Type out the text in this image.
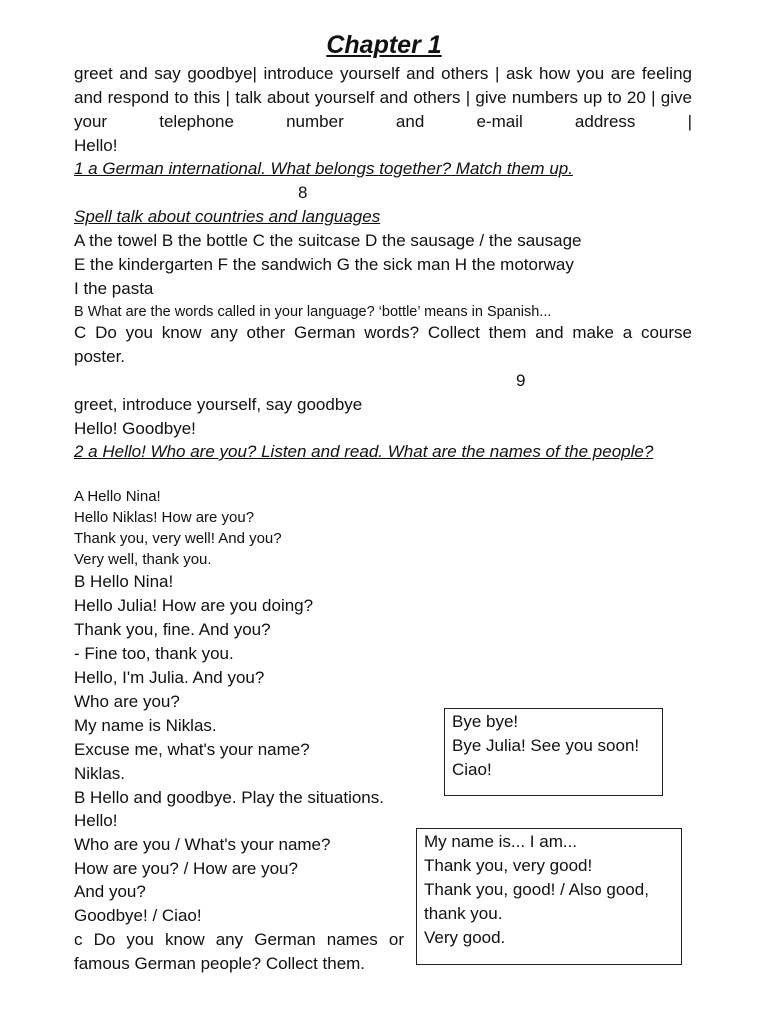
Chapter 1

greet and say goodbye| introduce yourself and others | ask how you are feeling and respond to this | talk about yourself and others | give numbers up to 20 | give your telephone number and e-mail address |

Hello!

1 a German international. What belongs together? Match them up.

8

Spell talk about countries and languages

A the towel B the bottle C the suitcase D the sausage / the sausage

E the kindergarten F the sandwich G the sick man H the motorway

I the pasta

B What are the words called in your language? ‘bottle’ means in Spanish...

C Do you know any other German words? Collect them and make a course poster.

9

greet, introduce yourself, say goodbye

Hello! Goodbye!

2 a Hello! Who are you? Listen and read. What are the names of the people?

A Hello Nina!

Hello Niklas! How are you?

Thank you, very well! And you?

Very well, thank you.

B Hello Nina!

Hello Julia! How are you doing?

Thank you, fine. And you?

- Fine too, thank you.

Hello, I'm Julia. And you?

Who are you?

My name is Niklas.

Excuse me, what's your name?

Niklas.

B Hello and goodbye. Play the situations.

Hello!

Who are you / What's your name?

How are you? / How are you?

And you?

Goodbye! / Ciao!

c Do you know any German names or famous German people? Collect them.

Bye bye!
Bye Julia! See you soon!
Ciao!
My name is... I am...
Thank you, very good!
Thank you, good! / Also good, thank you.
Very good.
